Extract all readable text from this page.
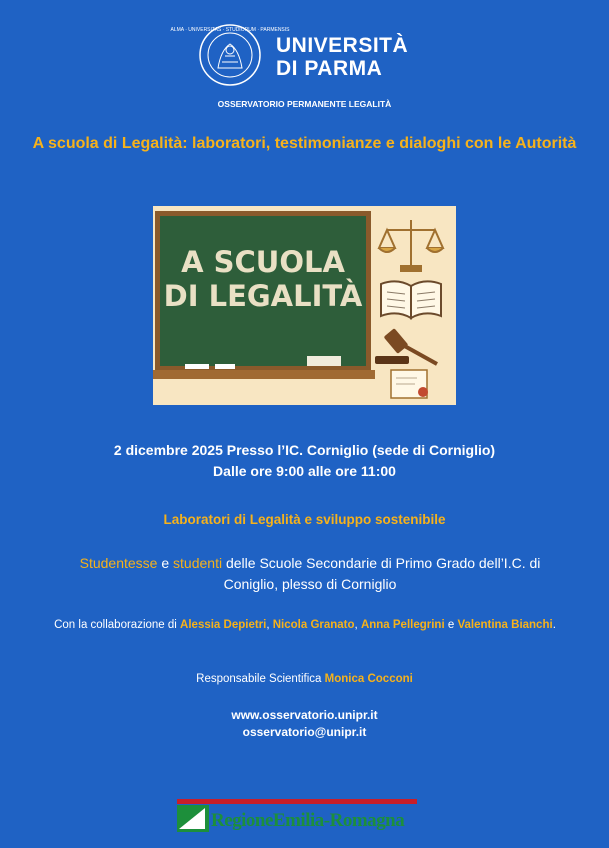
ALMA · UNIVERSITAS · STUDIORUM · PARMENSIS
UNIVERSITÀ
DI PARMA
OSSERVATORIO PERMANENTE LEGALITÀ
A scuola di Legalità: laboratori, testimonianze e dialoghi con le Autorità
A SCUOLA
DI LEGALITÀ
2 dicembre 2025 Presso l’IC. Corniglio (sede di Corniglio)
Dalle ore 9:00 alle ore 11:00
Laboratori di Legalità e sviluppo sostenibile
Studentesse e studenti delle Scuole Secondarie di Primo Grado dell’I.C. di Coniglio, plesso di Corniglio
Con la collaborazione di Alessia Depietri, Nicola Granato, Anna Pellegrini e Valentina Bianchi.
Responsabile Scientifica Monica Cocconi
www.osservatorio.unipr.it
osservatorio@unipr.it
RegioneEmilia-Romagna
